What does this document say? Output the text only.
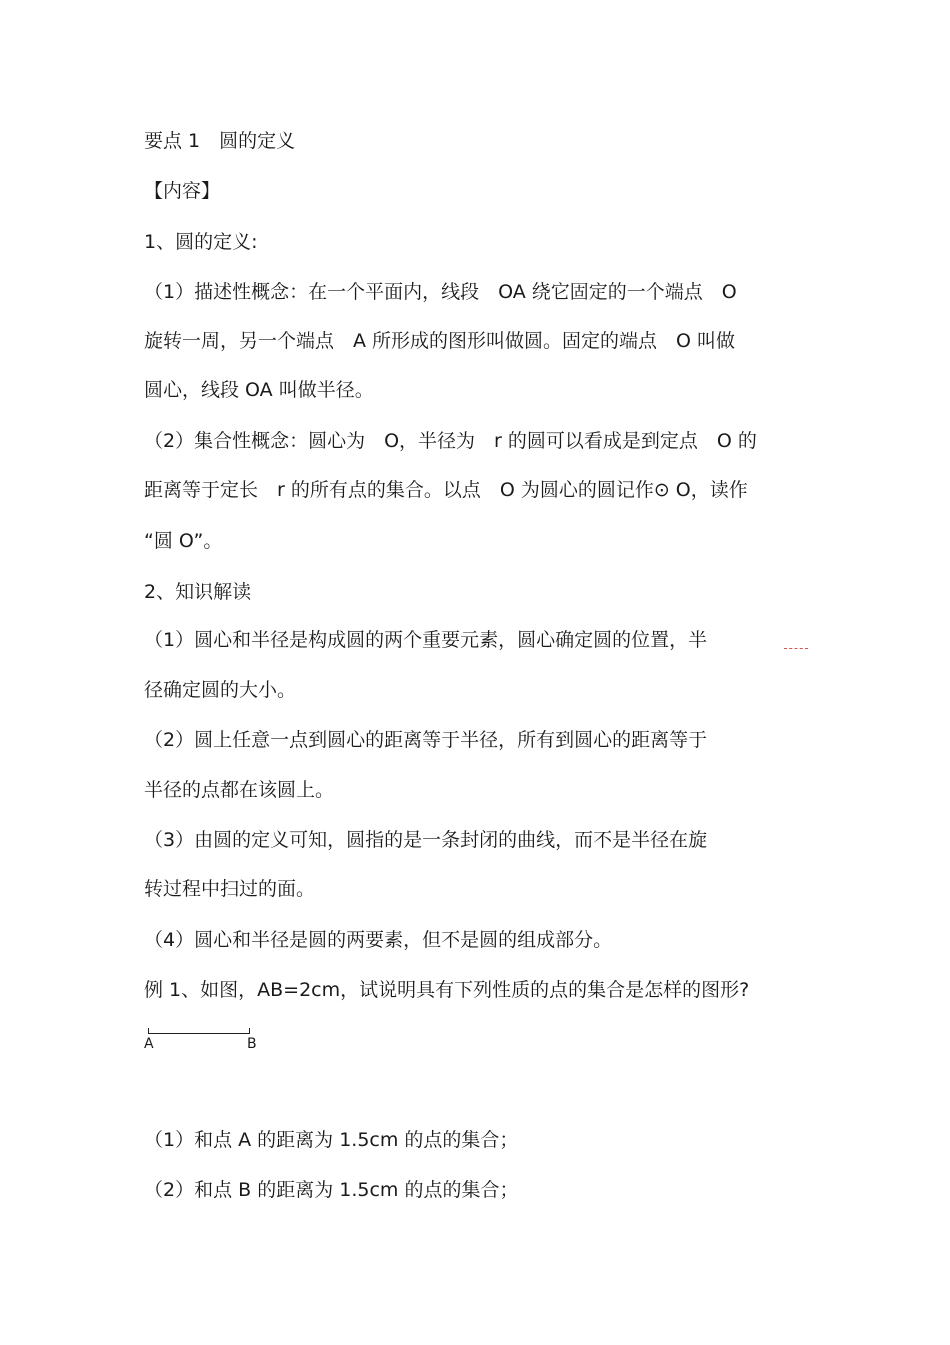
要点 1　圆的定义
【内容】
1、圆的定义:
（1）描述性概念：在一个平面内，线段　OA 绕它固定的一个端点　O
旋转一周，另一个端点　A 所形成的图形叫做圆。固定的端点　O 叫做
圆心，线段 OA 叫做半径。
（2）集合性概念：圆心为　O，半径为　r 的圆可以看成是到定点　O 的
距离等于定长　r 的所有点的集合。以点　O 为圆心的圆记作⊙ O，读作
“圆 O”。
2、知识解读
（1）圆心和半径是构成圆的两个重要元素，圆心确定圆的位置，半
径确定圆的大小。
（2）圆上任意一点到圆心的距离等于半径，所有到圆心的距离等于
半径的点都在该圆上。
（3）由圆的定义可知，圆指的是一条封闭的曲线，而不是半径在旋
转过程中扫过的面。
（4）圆心和半径是圆的两要素，但不是圆的组成部分。
例 1、如图，AB=2cm，试说明具有下列性质的点的集合是怎样的图形?
A	B
（1）和点 A 的距离为 1.5cm 的点的集合；
（2）和点 B 的距离为 1.5cm 的点的集合；
